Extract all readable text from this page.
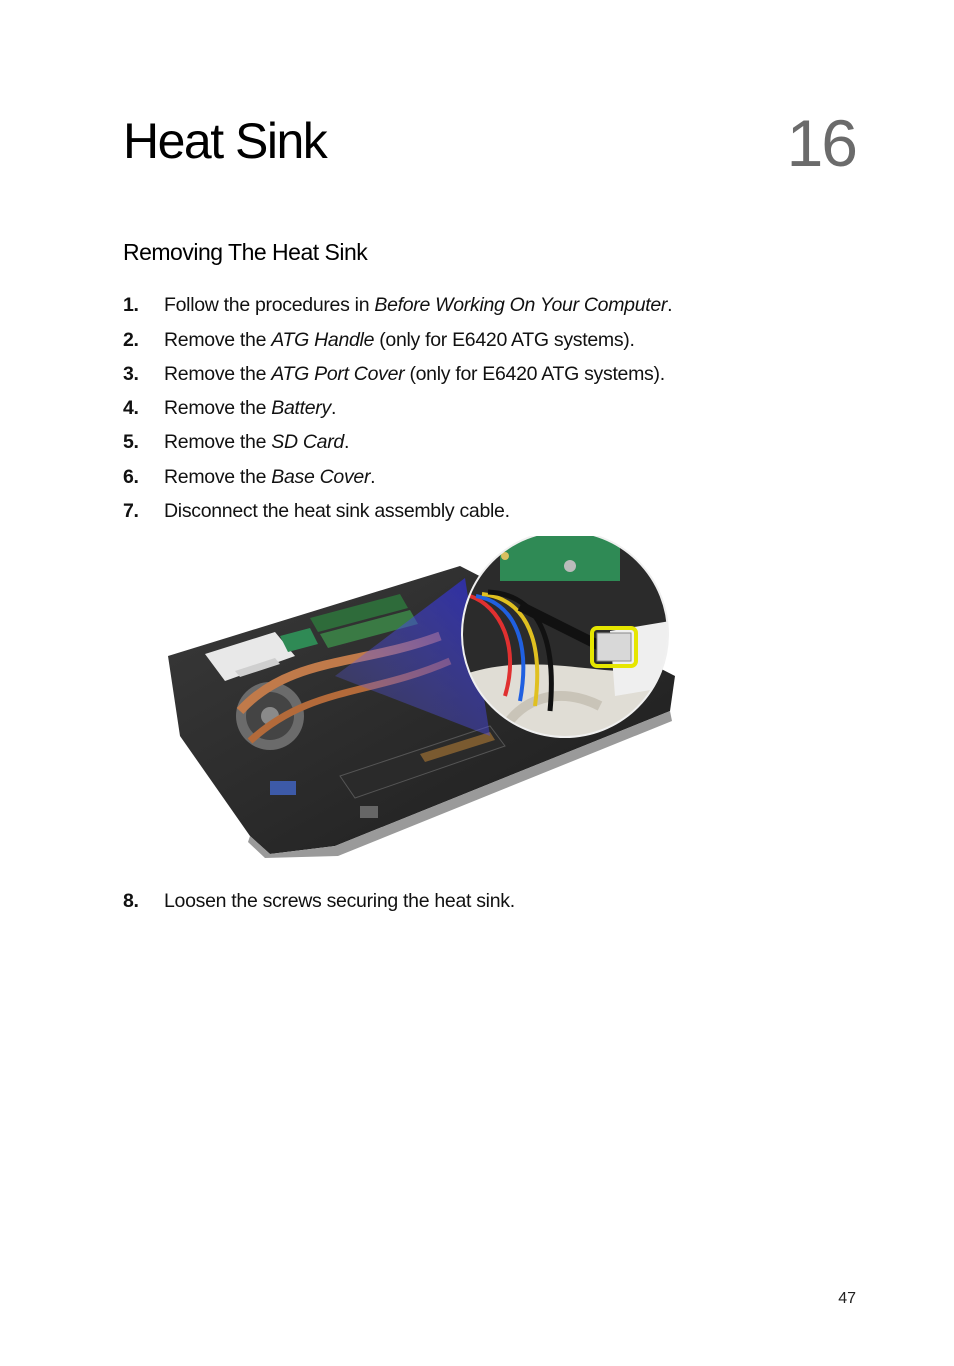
Heat Sink	16
Removing The Heat Sink
1. Follow the procedures in Before Working On Your Computer.
2. Remove the ATG Handle (only for E6420 ATG systems).
3. Remove the ATG Port Cover (only for E6420 ATG systems).
4. Remove the Battery.
5. Remove the SD Card.
6. Remove the Base Cover.
7. Disconnect the heat sink assembly cable.
8. Loosen the screws securing the heat sink.
47
